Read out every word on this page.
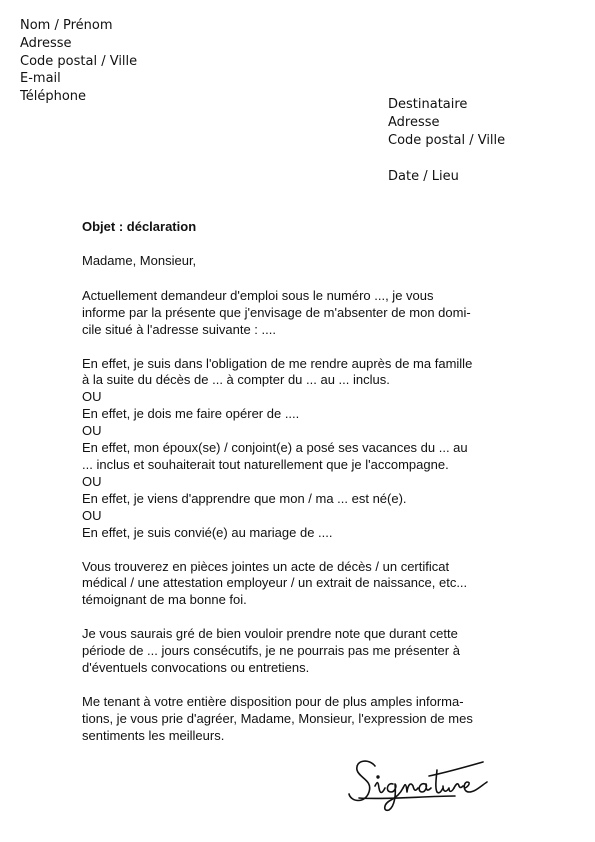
Nom / Prénom
Adresse
Code postal / Ville
E-mail
Téléphone
Destinataire
Adresse
Code postal / Ville
Date / Lieu
Objet : déclaration
Madame, Monsieur,
Actuellement demandeur d'emploi sous le numéro ..., je vous
informe par la présente que j'envisage de m'absenter de mon domi-
cile situé à l'adresse suivante : ....
En effet, je suis dans l'obligation de me rendre auprès de ma famille
à la suite du décès de ... à compter du ... au ... inclus.
OU
En effet, je dois me faire opérer de ....
OU
En effet, mon époux(se) / conjoint(e) a posé ses vacances du ... au
... inclus et souhaiterait tout naturellement que je l'accompagne.
OU
En effet, je viens d'apprendre que mon / ma ... est né(e).
OU
En effet, je suis convié(e) au mariage de ....
Vous trouverez en pièces jointes un acte de décès / un certificat
médical / une attestation employeur / un extrait de naissance, etc...
témoignant de ma bonne foi.
Je vous saurais gré de bien vouloir prendre note que durant cette
période de ... jours consécutifs, je ne pourrais pas me présenter à
d'éventuels convocations ou entretiens.
Me tenant à votre entière disposition pour de plus amples informa-
tions, je vous prie d'agréer, Madame, Monsieur, l'expression de mes
sentiments les meilleurs.
